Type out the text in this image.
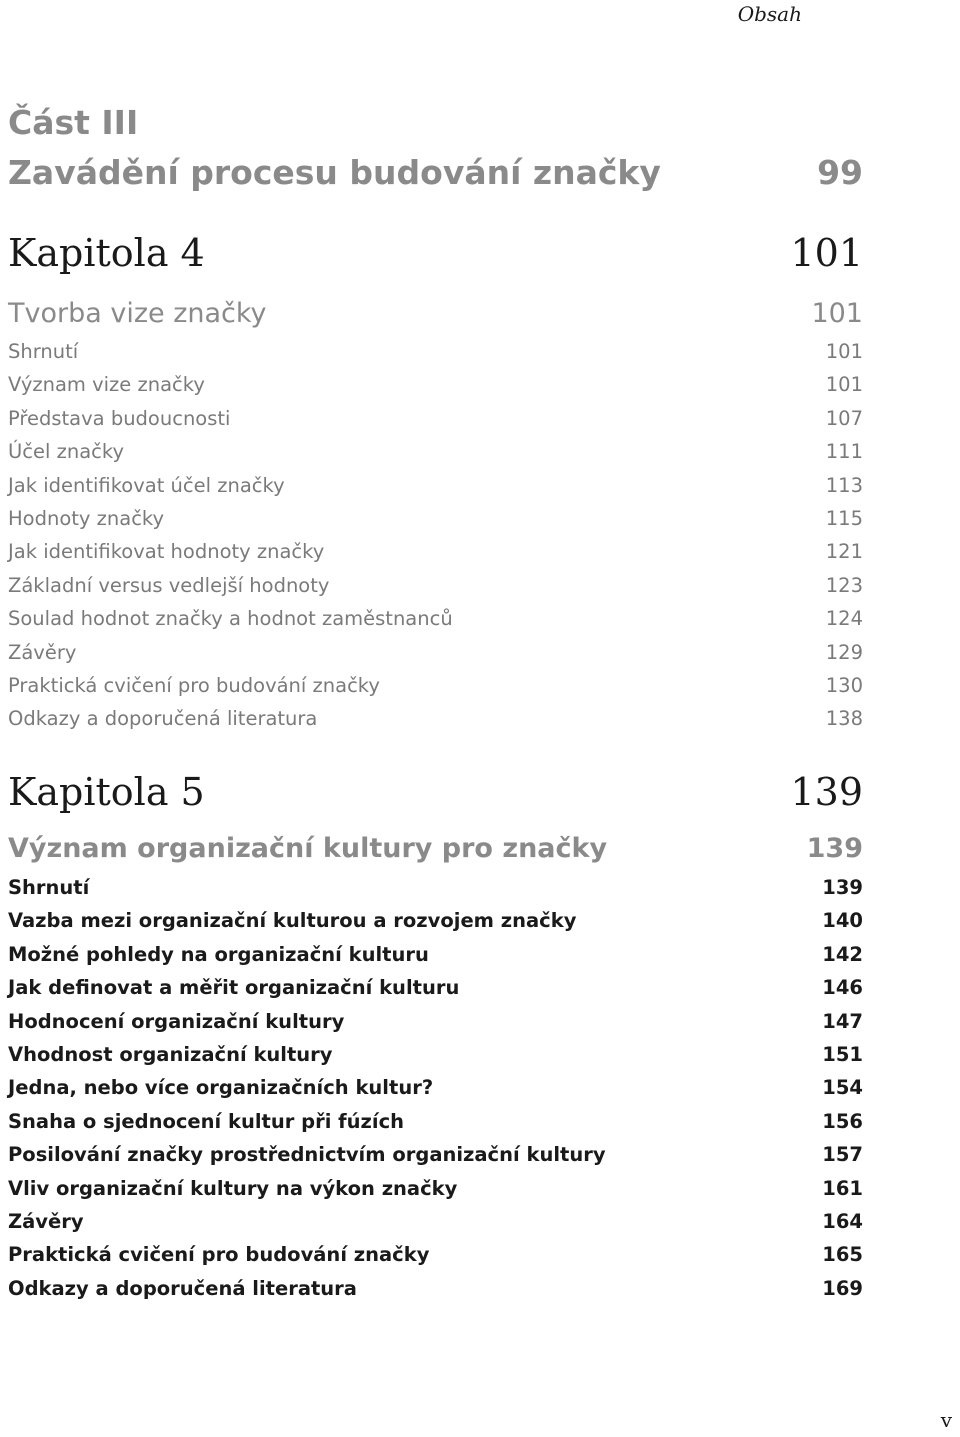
Obsah

Část III
Zavádění procesu budování značky	99
Kapitola 4	101
Tvorba vize značky	101
Shrnutí	101
Význam vize značky	101
Představa budoucnosti	107
Účel značky	111
Jak identifikovat účel značky	113
Hodnoty značky	115
Jak identifikovat hodnoty značky	121
Základní versus vedlejší hodnoty	123
Soulad hodnot značky a hodnot zaměstnanců	124
Závěry	129
Praktická cvičení pro budování značky	130
Odkazy a doporučená literatura	138
Kapitola 5	139
Význam organizační kultury pro značky	139
Shrnutí	139
Vazba mezi organizační kulturou a rozvojem značky	140
Možné pohledy na organizační kulturu	142
Jak definovat a měřit organizační kulturu	146
Hodnocení organizační kultury	147
Vhodnost organizační kultury	151
Jedna, nebo více organizačních kultur?	154
Snaha o sjednocení kultur při fúzích	156
Posilování značky prostřednictvím organizační kultury	157
Vliv organizační kultury na výkon značky	161
Závěry	164
Praktická cvičení pro budování značky	165
Odkazy a doporučená literatura	169
v
